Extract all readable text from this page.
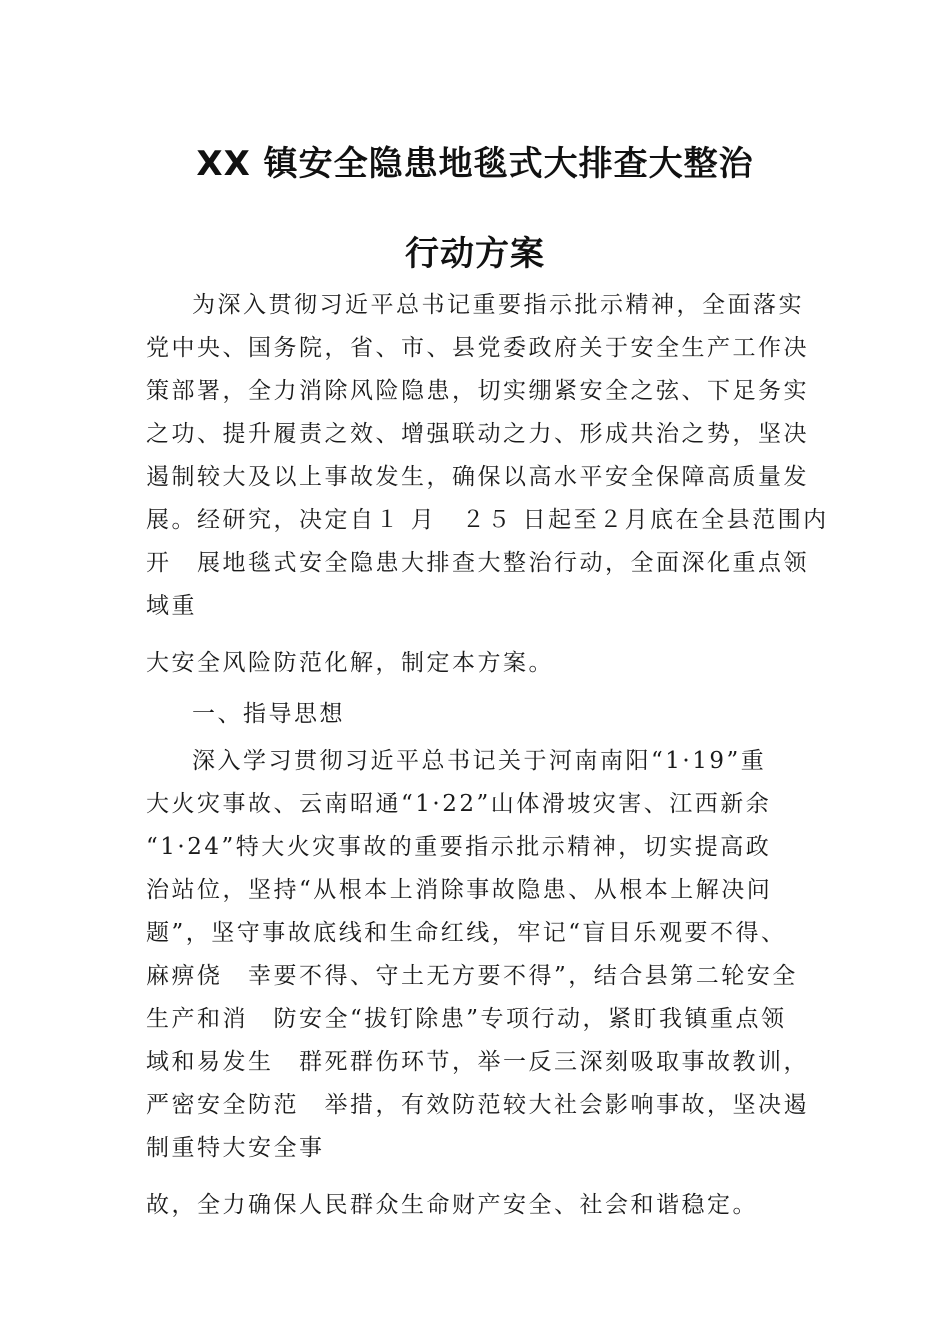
XX 镇安全隐患地毯式大排查大整治
行动方案

为深入贯彻习近平总书记重要指示批示精神，全面落实

党中央、国务院，省、市、县党委政府关于安全生产工作决

策部署，全力消除风险隐患，切实绷紧安全之弦、下足务实

之功、提升履责之效、增强联动之力、形成共治之势，坚决

遏制较大及以上事故发生，确保以高水平安全保障高质量发

展。经研究，决定自１ 月　２５ 日起至２月底在全县范围内

开　展地毯式安全隐患大排查大整治行动，全面深化重点领

域重

大安全风险防范化解，制定本方案。

一、指导思想

深入学习贯彻习近平总书记关于河南南阳“1·19”重

大火灾事故、云南昭通“1·22”山体滑坡灾害、江西新余

“1·24”特大火灾事故的重要指示批示精神，切实提高政

治站位，坚持“从根本上消除事故隐患、从根本上解决问

题”，坚守事故底线和生命红线，牢记“盲目乐观要不得、

麻痹侥　幸要不得、守土无方要不得”，结合县第二轮安全

生产和消　防安全“拔钉除患”专项行动，紧盯我镇重点领

域和易发生　群死群伤环节，举一反三深刻吸取事故教训，

严密安全防范　举措，有效防范较大社会影响事故，坚决遏

制重特大安全事

故，全力确保人民群众生命财产安全、社会和谐稳定。
